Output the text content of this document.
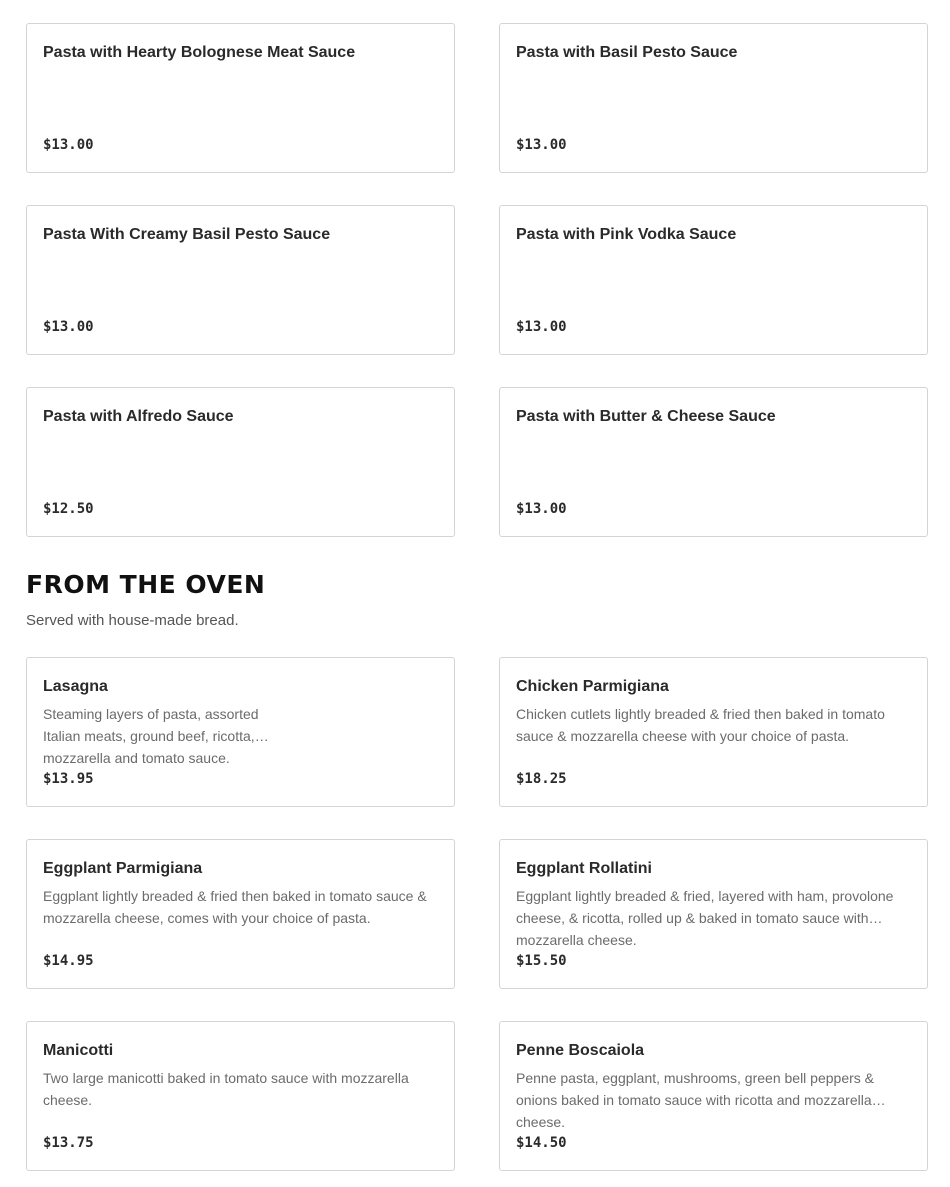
Pasta with Hearty Bolognese Meat Sauce
$13.00
Pasta with Basil Pesto Sauce
$13.00
Pasta With Creamy Basil Pesto Sauce
$13.00
Pasta with Pink Vodka Sauce
$13.00
Pasta with Alfredo Sauce
$12.50
Pasta with Butter & Cheese Sauce
$13.00
FROM THE OVEN

Served with house-made bread.

Lasagna
Steaming layers of pasta, assorted Italian meats, ground beef, ricotta, mozzarella and tomato sauce.
$13.95
Chicken Parmigiana
Chicken cutlets lightly breaded & fried then baked in tomato sauce & mozzarella cheese with your choice of pasta.
$18.25
Eggplant Parmigiana
Eggplant lightly breaded & fried then baked in tomato sauce & mozzarella cheese, comes with your choice of pasta.
$14.95
Eggplant Rollatini
Eggplant lightly breaded & fried, layered with ham, provolone cheese, & ricotta, rolled up & baked in tomato sauce with mozzarella cheese.
$15.50
Manicotti
Two large manicotti baked in tomato sauce with mozzarella cheese.
$13.75
Penne Boscaiola
Penne pasta, eggplant, mushrooms, green bell peppers & onions baked in tomato sauce with ricotta and mozzarella cheese.
$14.50
